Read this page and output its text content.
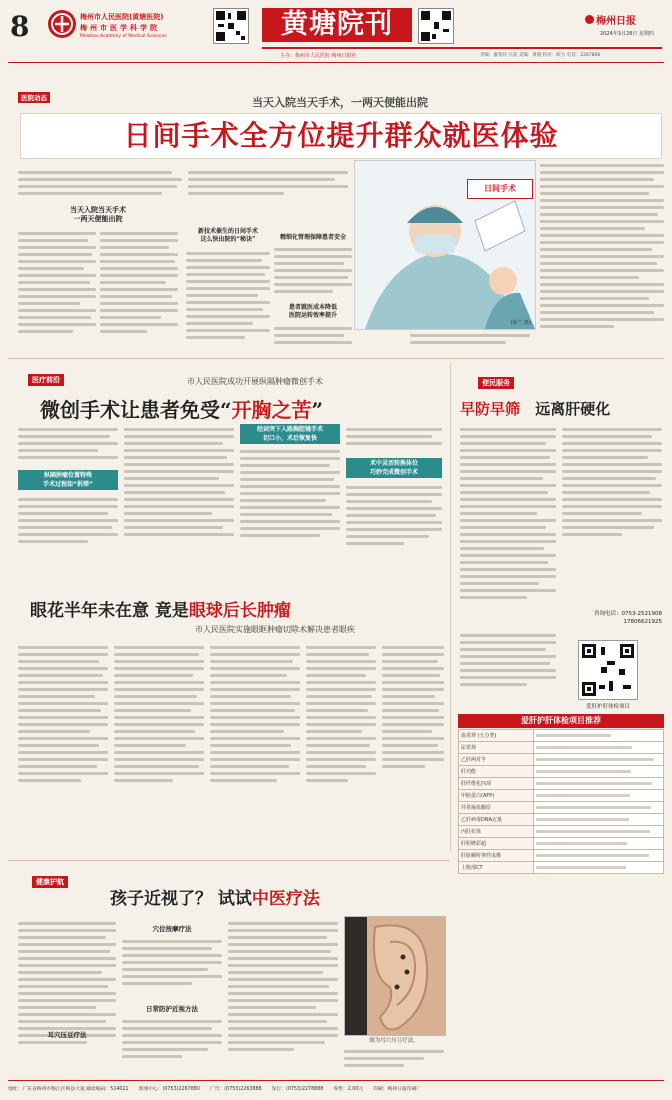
8	梅州市人民医院(黄塘医院)
梅州市医学科学院
Meizhou Academy of Medical Sciences	黄塘院刊	梅州日报
2024年3月28日 星期四
主办：梅州市人民医院 梅州日报社	责编：廖斐玲 江波 美编：黄晓 校对：欧力 电话：2267866
医院动态	当天入院当天手术，一两天便能出院
日间手术全方位提升群众就医体验
日间手术
(徐兰 摄)
当天入院当天手术
一两天便能出院
新技术催生的日间手术
这么快出院的“秘诀”	精细化管理保障患者安全
患者就医成本降低
医院运转效率提升
医疗前沿	市人民医院成功开展纵隔肿瘤微创手术
微创手术让患者免受“开胸之苦”
纵隔肿瘤位置特殊
手术过程如“拆弹”
经剑突下入路胸腔镜手术
切口小，术后恢复快
术中灵活转换体位
巧妙完成微创手术
眼花半年未在意 竟是眼球后长肿瘤
市人民医院实施眼眶肿瘤切除术解决患者眼疾
便民服务
早防早筛 远离肝硬化
咨询电话：0753-2521908
17806621925
爱肝护肝体检项目
爱肝护肝体检项目推荐
血常规 (五分类)	

尿常规	

乙肝两对半	

肝功能	

肝纤维化四项	

甲胎蛋白(AFP)	

异常凝血酶原	

乙肝病毒DNA定量	

丙肝抗体	

肝胆脾彩超	

肝脏瞬时弹性成像	

上腹部CT	
健康护航
孩子近视了？ 试试中医疗法
穴位按摩疗法
日常防护近视方法
耳穴压豆疗法
图为耳穴压豆疗法。
地址：广东省梅州市梅江区梅县大道 邮政编码：514021 新闻中心：(0753)2267880 广告：(0753)2263888 发行：(0753)2278888 零售：2.00元 印刷：梅州日报印刷厂
